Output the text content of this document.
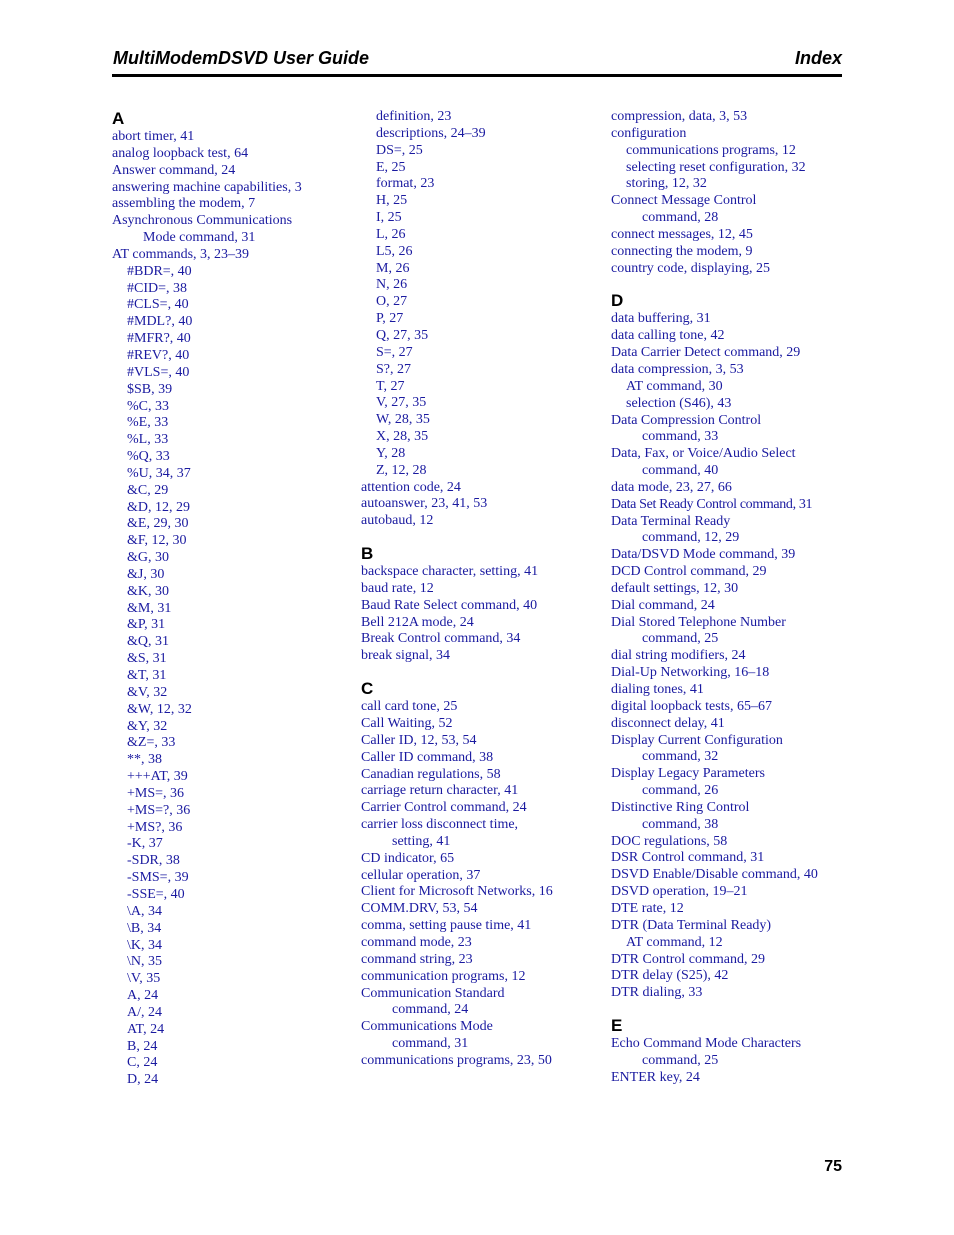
MultiModemDSVD User Guide	Index
A
abort timer, 41
analog loopback test, 64
Answer command, 24
answering machine capabilities, 3
assembling the modem, 7
Asynchronous Communications
Mode command, 31
AT commands, 3, 23–39
#BDR=, 40
#CID=, 38
#CLS=, 40
#MDL?, 40
#MFR?, 40
#REV?, 40
#VLS=, 40
$SB, 39
%C, 33
%E, 33
%L, 33
%Q, 33
%U, 34, 37
&C, 29
&D, 12, 29
&E, 29, 30
&F, 12, 30
&G, 30
&J, 30
&K, 30
&M, 31
&P, 31
&Q, 31
&S, 31
&T, 31
&V, 32
&W, 12, 32
&Y, 32
&Z=, 33
**, 38
+++AT, 39
+MS=, 36
+MS=?, 36
+MS?, 36
-K, 37
-SDR, 38
-SMS=, 39
-SSE=, 40
\A, 34
\B, 34
\K, 34
\N, 35
\V, 35
A, 24
A/, 24
AT, 24
B, 24
C, 24
D, 24
definition, 23
descriptions, 24–39
DS=, 25
E, 25
format, 23
H, 25
I, 25
L, 26
L5, 26
M, 26
N, 26
O, 27
P, 27
Q, 27, 35
S=, 27
S?, 27
T, 27
V, 27, 35
W, 28, 35
X, 28, 35
Y, 28
Z, 12, 28
attention code, 24
autoanswer, 23, 41, 53
autobaud, 12
B
backspace character, setting, 41
baud rate, 12
Baud Rate Select command, 40
Bell 212A mode, 24
Break Control command, 34
break signal, 34
C
call card tone, 25
Call Waiting, 52
Caller ID, 12, 53, 54
Caller ID command, 38
Canadian regulations, 58
carriage return character, 41
Carrier Control command, 24
carrier loss disconnect time,
setting, 41
CD indicator, 65
cellular operation, 37
Client for Microsoft Networks, 16
COMM.DRV, 53, 54
comma, setting pause time, 41
command mode, 23
command string, 23
communication programs, 12
Communication Standard
command, 24
Communications Mode
command, 31
communications programs, 23, 50
compression, data, 3, 53
configuration
communications programs, 12
selecting reset configuration, 32
storing, 12, 32
Connect Message Control
command, 28
connect messages, 12, 45
connecting the modem, 9
country code, displaying, 25
D
data buffering, 31
data calling tone, 42
Data Carrier Detect command, 29
data compression, 3, 53
AT command, 30
selection (S46), 43
Data Compression Control
command, 33
Data, Fax, or Voice/Audio Select
command, 40
data mode, 23, 27, 66
Data Set Ready Control command, 31
Data Terminal Ready
command, 12, 29
Data/DSVD Mode command, 39
DCD Control command, 29
default settings, 12, 30
Dial command, 24
Dial Stored Telephone Number
command, 25
dial string modifiers, 24
Dial-Up Networking, 16–18
dialing tones, 41
digital loopback tests, 65–67
disconnect delay, 41
Display Current Configuration
command, 32
Display Legacy Parameters
command, 26
Distinctive Ring Control
command, 38
DOC regulations, 58
DSR Control command, 31
DSVD Enable/Disable command, 40
DSVD operation, 19–21
DTE rate, 12
DTR (Data Terminal Ready)
AT command, 12
DTR Control command, 29
DTR delay (S25), 42
DTR dialing, 33
E
Echo Command Mode Characters
command, 25
ENTER key, 24
75
